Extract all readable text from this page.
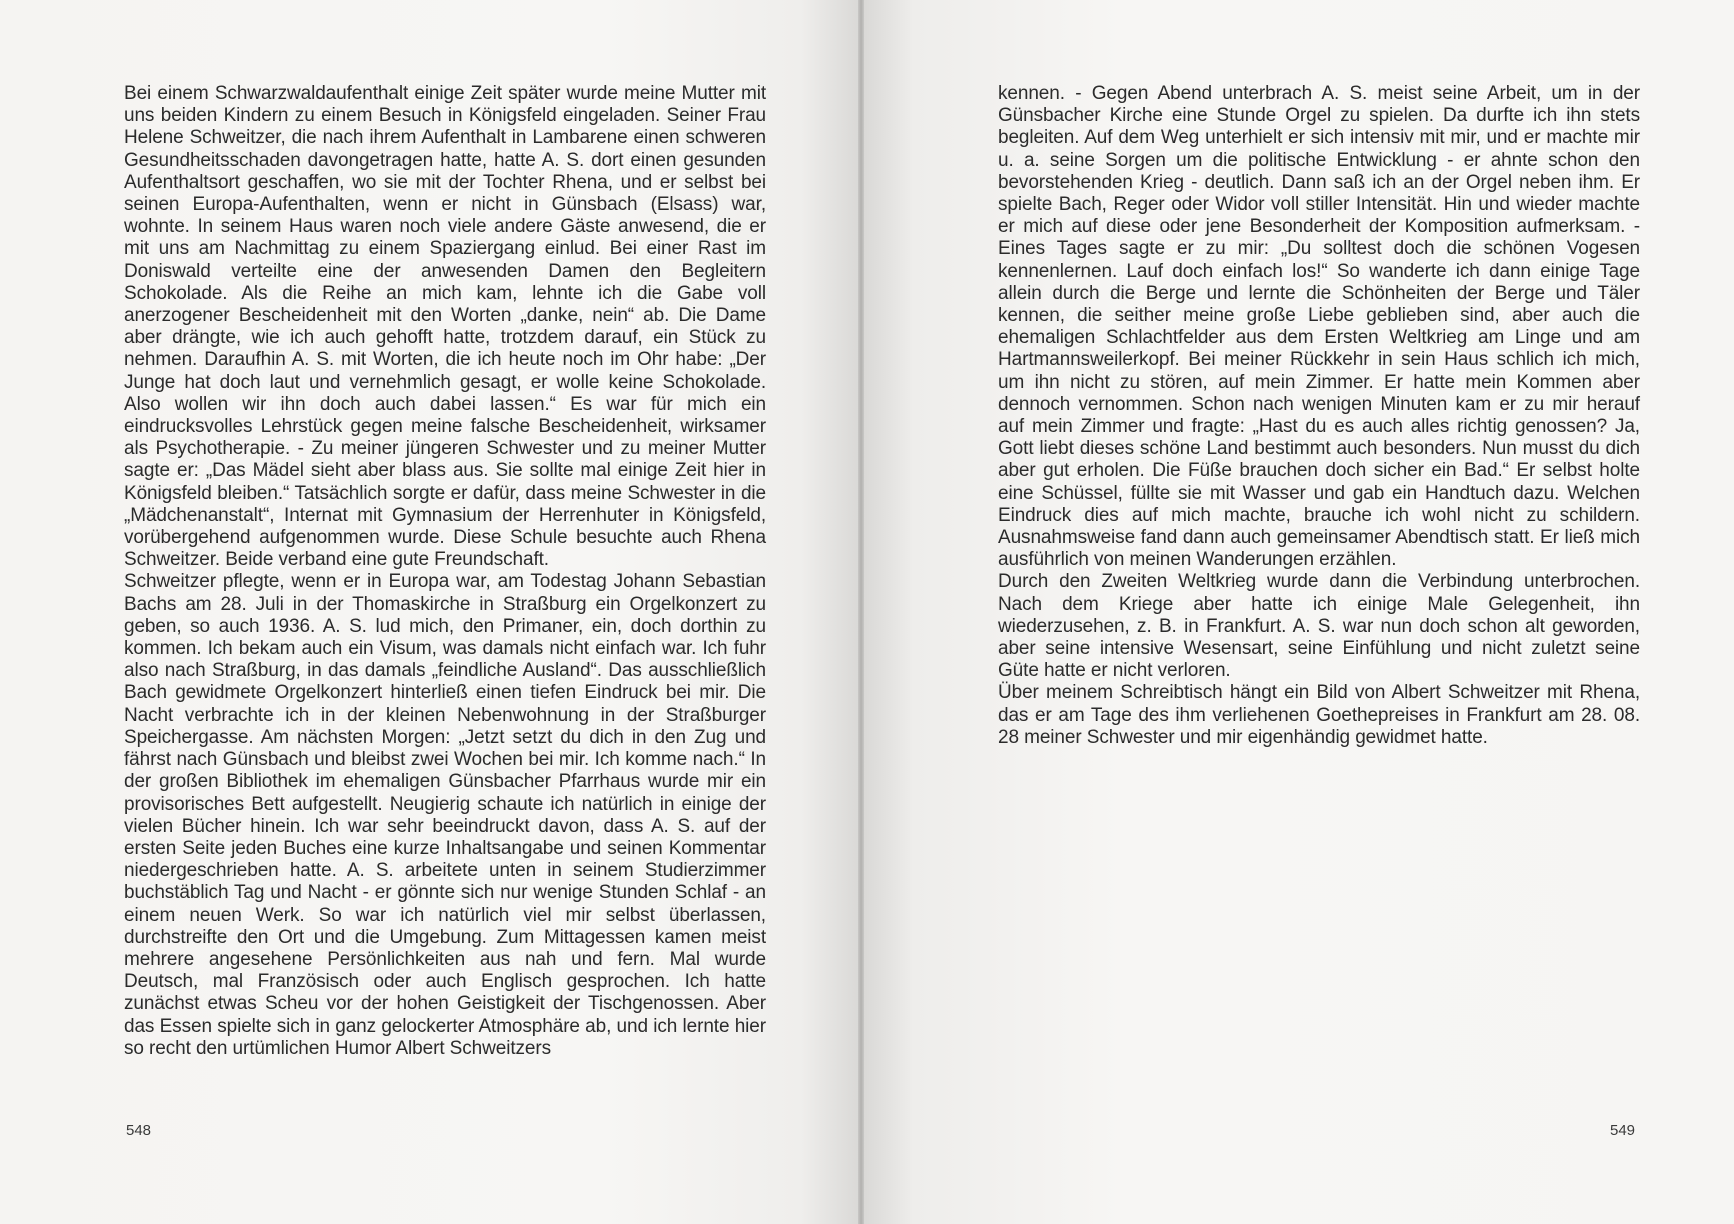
Bei einem Schwarzwaldaufenthalt einige Zeit später wurde meine Mutter mit uns beiden Kindern zu einem Besuch in Königsfeld eingeladen. Seiner Frau Helene Schweitzer, die nach ihrem Aufenthalt in Lambarene einen schweren Gesundheitsschaden davongetragen hatte, hatte A. S. dort einen gesunden Aufenthaltsort geschaffen, wo sie mit der Tochter Rhena, und er selbst bei seinen Europa-Aufenthalten, wenn er nicht in Günsbach (Elsass) war, wohnte. In seinem Haus waren noch viele andere Gäste anwesend, die er mit uns am Nachmittag zu einem Spaziergang einlud. Bei einer Rast im Doniswald verteilte eine der anwesenden Damen den Begleitern Schokolade. Als die Reihe an mich kam, lehnte ich die Gabe voll anerzogener Bescheidenheit mit den Worten „danke, nein“ ab. Die Dame aber drängte, wie ich auch gehofft hatte, trotzdem darauf, ein Stück zu nehmen. Daraufhin A. S. mit Worten, die ich heute noch im Ohr habe: „Der Junge hat doch laut und vernehmlich gesagt, er wolle keine Schokolade. Also wollen wir ihn doch auch dabei lassen.“ Es war für mich ein eindrucksvolles Lehrstück gegen meine falsche Bescheidenheit, wirksamer als Psychotherapie. - Zu meiner jüngeren Schwester und zu meiner Mutter sagte er: „Das Mädel sieht aber blass aus. Sie sollte mal einige Zeit hier in Königsfeld bleiben.“ Tatsächlich sorgte er dafür, dass meine Schwester in die „Mädchenanstalt“, Internat mit Gymnasium der Herrenhuter in Königsfeld, vorübergehend aufgenommen wurde. Diese Schule besuchte auch Rhena Schweitzer. Beide verband eine gute Freundschaft.

Schweitzer pflegte, wenn er in Europa war, am Todestag Johann Sebastian Bachs am 28. Juli in der Thomaskirche in Straßburg ein Orgelkonzert zu geben, so auch 1936. A. S. lud mich, den Primaner, ein, doch dorthin zu kommen. Ich bekam auch ein Visum, was damals nicht einfach war. Ich fuhr also nach Straßburg, in das damals „feindliche Ausland“. Das ausschließlich Bach gewidmete Orgelkonzert hinterließ einen tiefen Eindruck bei mir. Die Nacht verbrachte ich in der kleinen Nebenwohnung in der Straßburger Speichergasse. Am nächsten Morgen: „Jetzt setzt du dich in den Zug und fährst nach Günsbach und bleibst zwei Wochen bei mir. Ich komme nach.“ In der großen Bibliothek im ehemaligen Günsbacher Pfarrhaus wurde mir ein provisorisches Bett aufgestellt. Neugierig schaute ich natürlich in einige der vielen Bücher hinein. Ich war sehr beeindruckt davon, dass A. S. auf der ersten Seite jeden Buches eine kurze Inhaltsangabe und seinen Kommentar niedergeschrieben hatte. A. S. arbeitete unten in seinem Studierzimmer buchstäblich Tag und Nacht - er gönnte sich nur wenige Stunden Schlaf - an einem neuen Werk. So war ich natürlich viel mir selbst überlassen, durchstreifte den Ort und die Umgebung. Zum Mittagessen kamen meist mehrere angesehene Persönlichkeiten aus nah und fern. Mal wurde Deutsch, mal Französisch oder auch Englisch gesprochen. Ich hatte zunächst etwas Scheu vor der hohen Geistigkeit der Tischgenossen. Aber das Essen spielte sich in ganz gelockerter Atmosphäre ab, und ich lernte hier so recht den urtümlichen Humor Albert Schweitzers

548

kennen. - Gegen Abend unterbrach A. S. meist seine Arbeit, um in der Günsbacher Kirche eine Stunde Orgel zu spielen. Da durfte ich ihn stets begleiten. Auf dem Weg unterhielt er sich intensiv mit mir, und er machte mir u. a. seine Sorgen um die politische Entwicklung - er ahnte schon den bevorstehenden Krieg - deutlich. Dann saß ich an der Orgel neben ihm. Er spielte Bach, Reger oder Widor voll stiller Intensität. Hin und wieder machte er mich auf diese oder jene Besonderheit der Komposition aufmerksam. - Eines Tages sagte er zu mir: „Du solltest doch die schönen Vogesen kennenlernen. Lauf doch einfach los!“ So wanderte ich dann einige Tage allein durch die Berge und lernte die Schönheiten der Berge und Täler kennen, die seither meine große Liebe geblieben sind, aber auch die ehemaligen Schlachtfelder aus dem Ersten Weltkrieg am Linge und am Hartmannsweilerkopf. Bei meiner Rückkehr in sein Haus schlich ich mich, um ihn nicht zu stören, auf mein Zimmer. Er hatte mein Kommen aber dennoch vernommen. Schon nach wenigen Minuten kam er zu mir herauf auf mein Zimmer und fragte: „Hast du es auch alles richtig genossen? Ja, Gott liebt dieses schöne Land bestimmt auch besonders. Nun musst du dich aber gut erholen. Die Füße brauchen doch sicher ein Bad.“ Er selbst holte eine Schüssel, füllte sie mit Wasser und gab ein Handtuch dazu. Welchen Eindruck dies auf mich machte, brauche ich wohl nicht zu schildern. Ausnahmsweise fand dann auch gemeinsamer Abendtisch statt. Er ließ mich ausführlich von meinen Wanderungen erzählen.

Durch den Zweiten Weltkrieg wurde dann die Verbindung unterbrochen. Nach dem Kriege aber hatte ich einige Male Gelegenheit, ihn wiederzusehen, z. B. in Frankfurt. A. S. war nun doch schon alt geworden, aber seine intensive Wesensart, seine Einfühlung und nicht zuletzt seine Güte hatte er nicht verloren.

Über meinem Schreibtisch hängt ein Bild von Albert Schweitzer mit Rhena, das er am Tage des ihm verliehenen Goethepreises in Frankfurt am 28. 08. 28 meiner Schwester und mir eigenhändig gewidmet hatte.

549
